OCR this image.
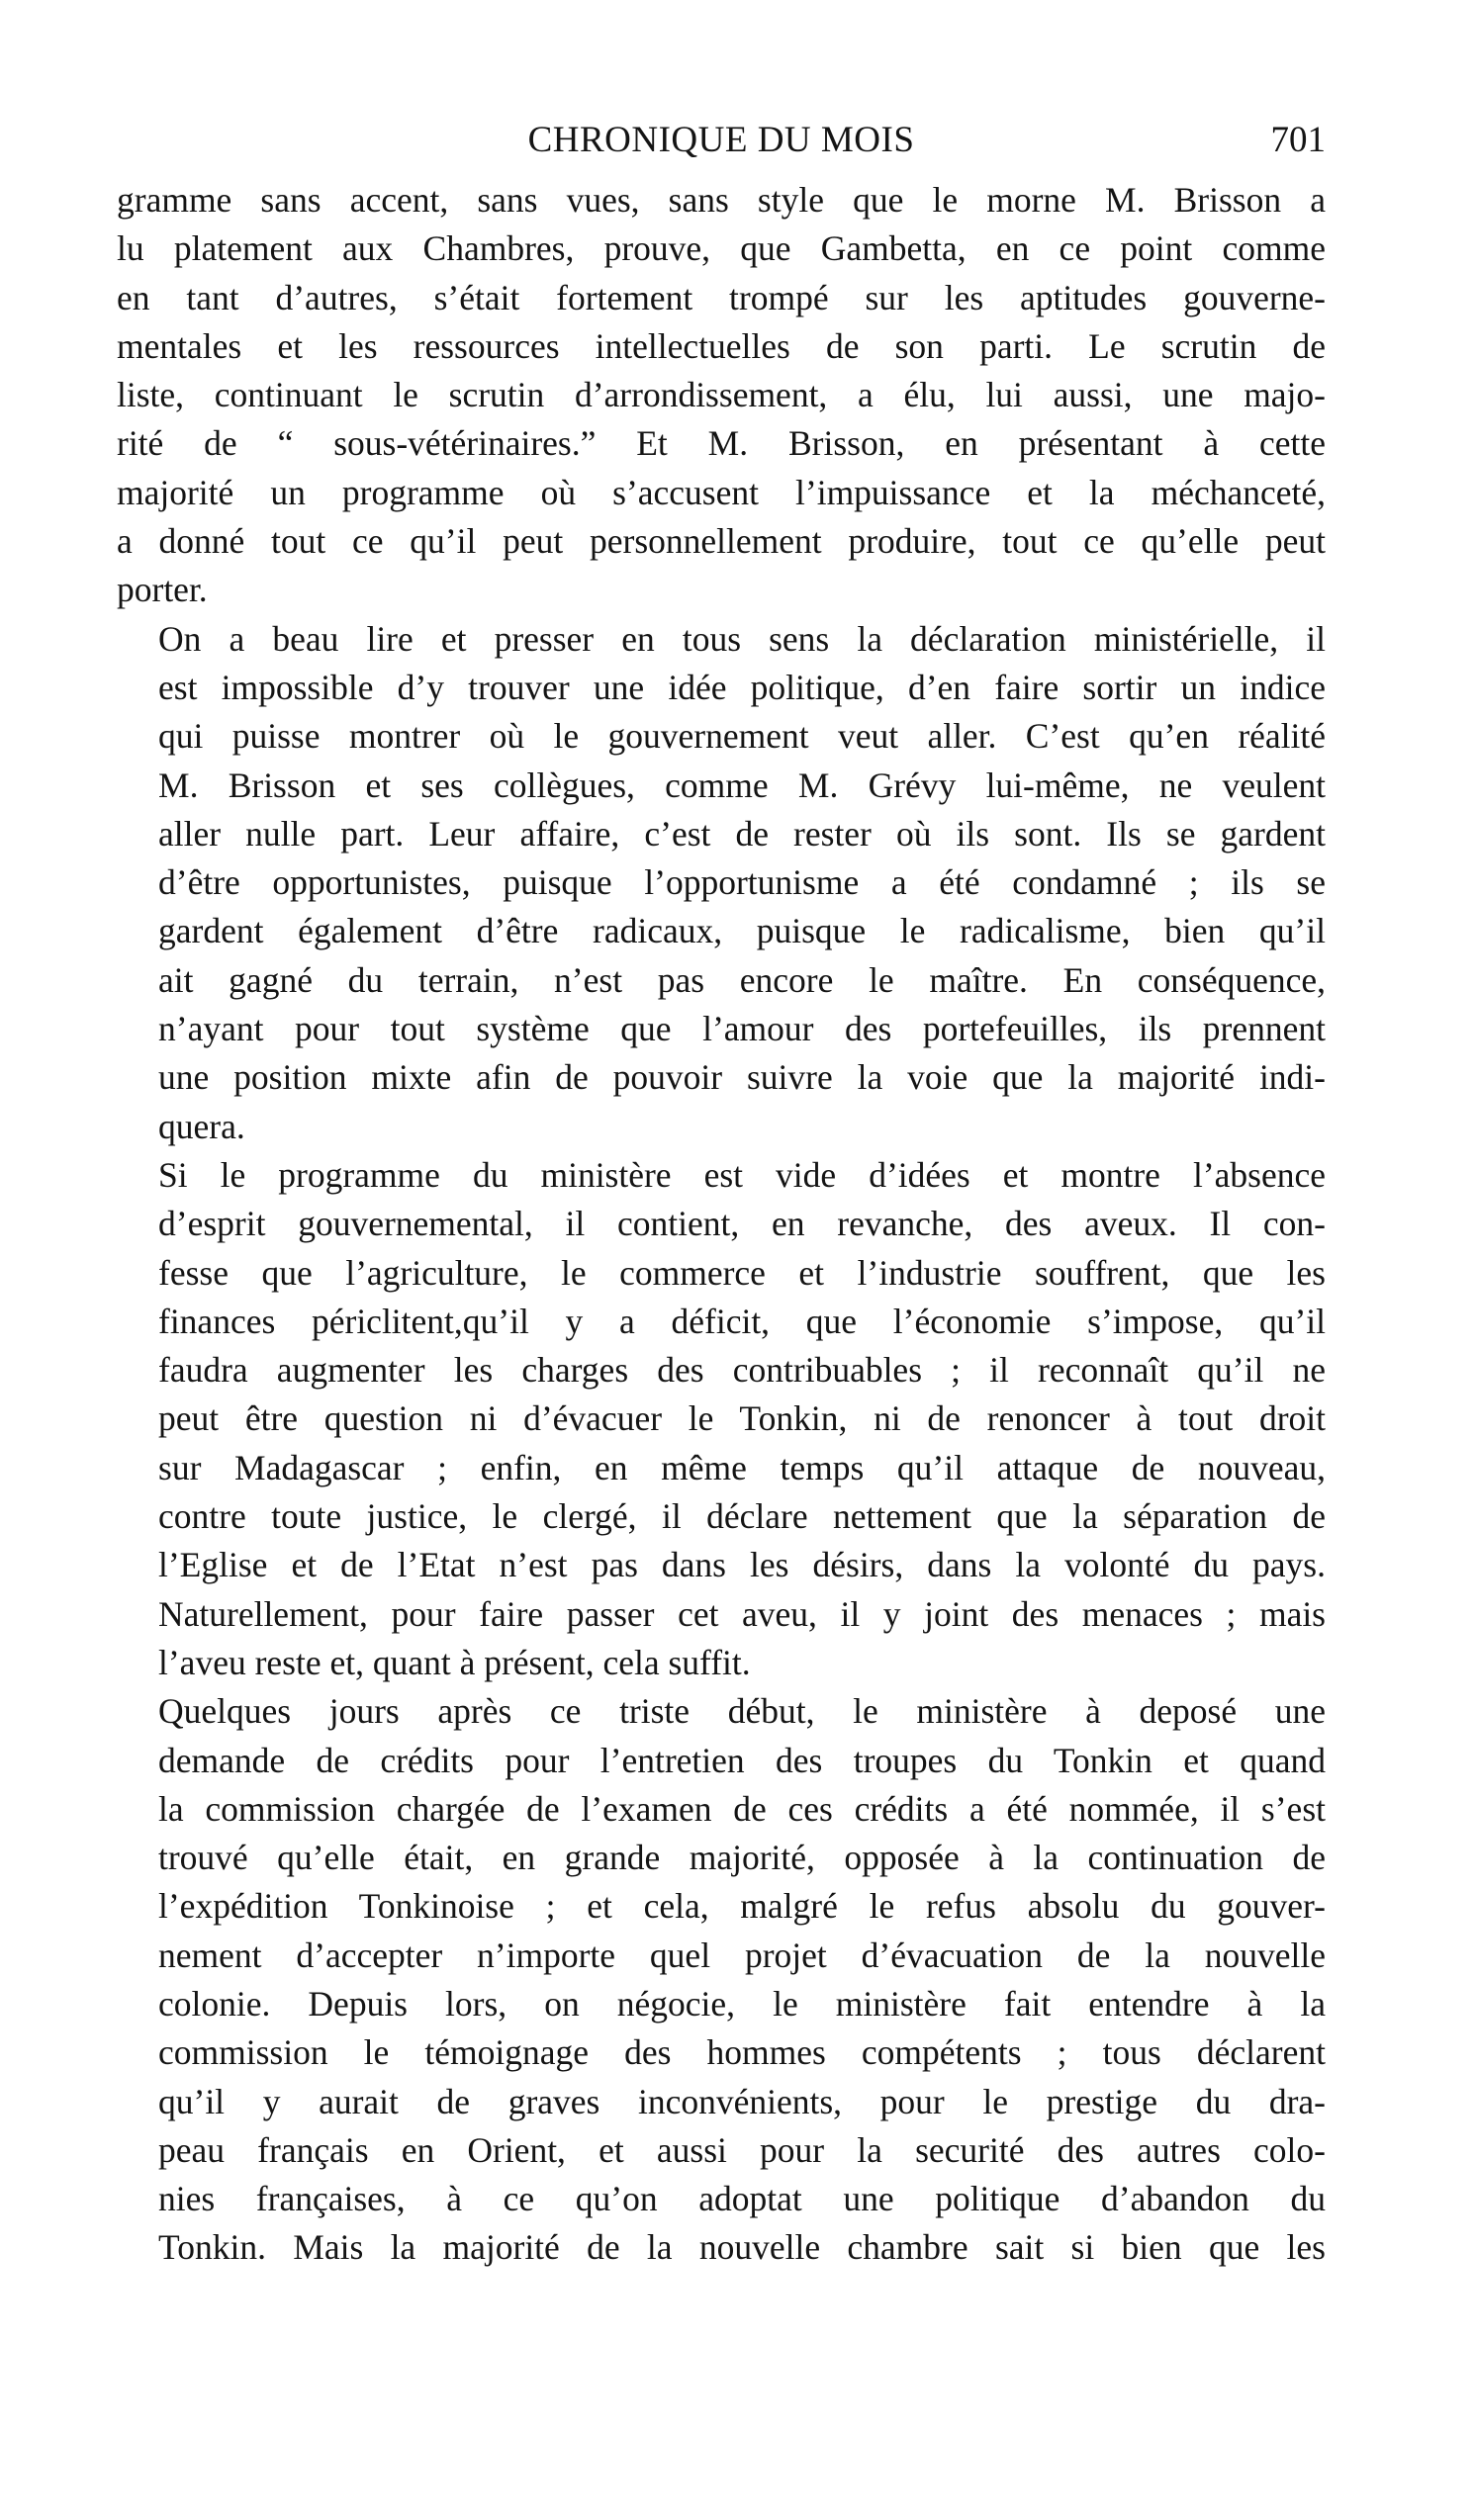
CHRONIQUE DU MOIS	701

gramme sans accent, sans vues, sans style que le morne M. Brisson a
lu platement aux Chambres, prouve, que Gambetta, en ce point comme
en tant d’autres, s’était fortement trompé sur les aptitudes gouverne-
mentales et les ressources intellectuelles de son parti. Le scrutin de
liste, continuant le scrutin d’arrondissement, a élu, lui aussi, une majo-
rité de “ sous-vétérinaires.” Et M. Brisson, en présentant à cette
majorité un programme où s’accusent l’impuissance et la méchanceté,
a donné tout ce qu’il peut personnellement produire, tout ce qu’elle peut
porter.

On a beau lire et presser en tous sens la déclaration ministérielle, il
est impossible d’y trouver une idée politique, d’en faire sortir un indice
qui puisse montrer où le gouvernement veut aller. C’est qu’en réalité
M. Brisson et ses collègues, comme M. Grévy lui-même, ne veulent
aller nulle part. Leur affaire, c’est de rester où ils sont. Ils se gardent
d’être opportunistes, puisque l’opportunisme a été condamné ; ils se
gardent également d’être radicaux, puisque le radicalisme, bien qu’il
ait gagné du terrain, n’est pas encore le maître. En conséquence,
n’ayant pour tout système que l’amour des portefeuilles, ils prennent
une position mixte afin de pouvoir suivre la voie que la majorité indi-
quera.

Si le programme du ministère est vide d’idées et montre l’absence
d’esprit gouvernemental, il contient, en revanche, des aveux. Il con-
fesse que l’agriculture, le commerce et l’industrie souffrent, que les
finances périclitent,qu’il y a déficit, que l’économie s’impose, qu’il
faudra augmenter les charges des contribuables ; il reconnaît qu’il ne
peut être question ni d’évacuer le Tonkin, ni de renoncer à tout droit
sur Madagascar ; enfin, en même temps qu’il attaque de nouveau,
contre toute justice, le clergé, il déclare nettement que la séparation de
l’Eglise et de l’Etat n’est pas dans les désirs, dans la volonté du pays.
Naturellement, pour faire passer cet aveu, il y joint des menaces ; mais
l’aveu reste et, quant à présent, cela suffit.

Quelques jours après ce triste début, le ministère à deposé une
demande de crédits pour l’entretien des troupes du Tonkin et quand
la commission chargée de l’examen de ces crédits a été nommée, il s’est
trouvé qu’elle était, en grande majorité, opposée à la continuation de
l’expédition Tonkinoise ; et cela, malgré le refus absolu du gouver-
nement d’accepter n’importe quel projet d’évacuation de la nouvelle
colonie. Depuis lors, on négocie, le ministère fait entendre à la
commission le témoignage des hommes compétents ; tous déclarent
qu’il y aurait de graves inconvénients, pour le prestige du dra-
peau français en Orient, et aussi pour la securité des autres colo-
nies françaises, à ce qu’on adoptat une politique d’abandon du
Tonkin. Mais la majorité de la nouvelle chambre sait si bien que les
